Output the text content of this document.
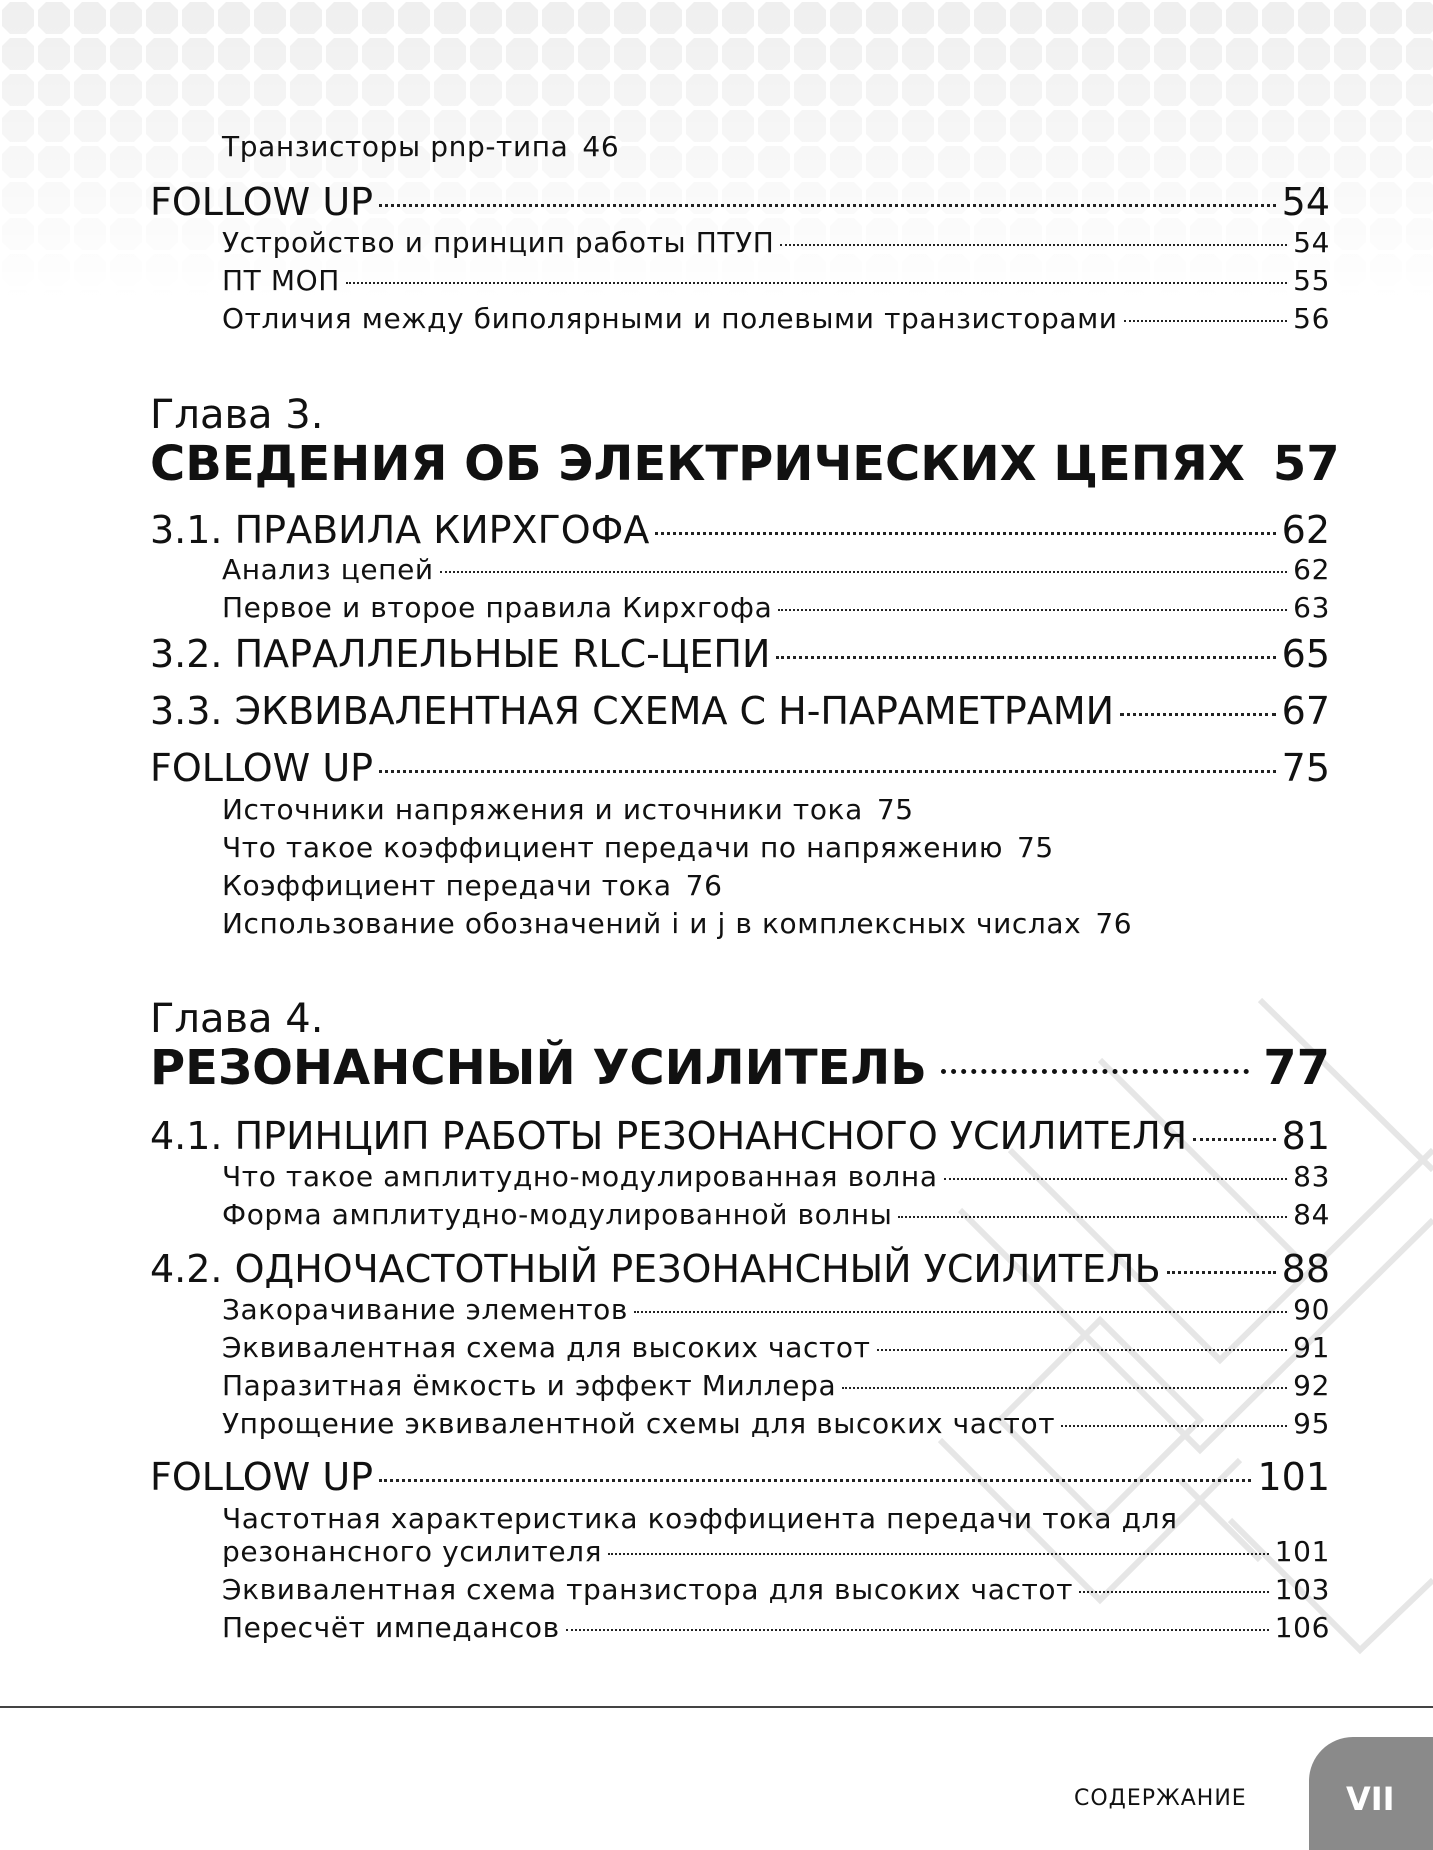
Транзисторы pnp-типа 46
FOLLOW UP	54
Устройство и принцип работы ПТУП	54
ПТ МОП	55
Отличия между биполярными и полевыми транзисторами	56
Глава 3.
СВЕДЕНИЯ ОБ ЭЛЕКТРИЧЕСКИХ ЦЕПЯХ 57
3.1. ПРАВИЛА КИРХГОФА	62
Анализ цепей	62
Первое и второе правила Кирхгофа	63
3.2. ПАРАЛЛЕЛЬНЫЕ RLC-ЦЕПИ	65
3.3. ЭКВИВАЛЕНТНАЯ СХЕМА С H-ПАРАМЕТРАМИ	67
FOLLOW UP	75
Источники напряжения и источники тока 75
Что такое коэффициент передачи по напряжению 75
Коэффициент передачи тока 76
Использование обозначений i и j в комплексных числах 76
Глава 4.
РЕЗОНАНСНЫЙ УСИЛИТЕЛЬ	77
4.1. ПРИНЦИП РАБОТЫ РЕЗОНАНСНОГО УСИЛИТЕЛЯ 81
Что такое амплитудно-модулированная волна	83
Форма амплитудно-модулированной волны	84
4.2. ОДНОЧАСТОТНЫЙ РЕЗОНАНСНЫЙ УСИЛИТЕЛЬ	88
Закорачивание элементов	90
Эквивалентная схема для высоких частот	91
Паразитная ёмкость и эффект Миллера	92
Упрощение эквивалентной схемы для высоких частот	95
FOLLOW UP	101
Частотная характеристика коэффициента передачи тока для
резонансного усилителя	101
Эквивалентная схема транзистора для высоких частот	103
Пересчёт импедансов	106
СОДЕРЖАНИЕ	VII
